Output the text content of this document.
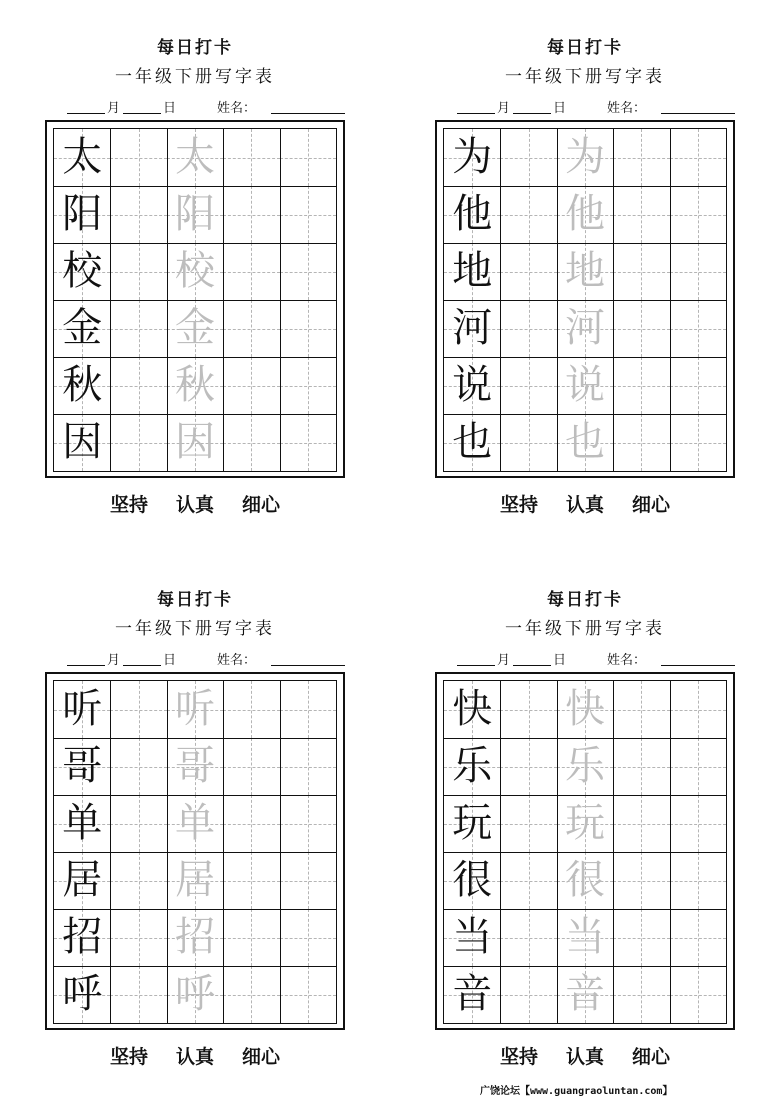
每日打卡
一年级下册写字表
月	日	姓名：
太 太
阳 阳
校 校
金 金
秋 秋
因 因
坚持 认真 细心
每日打卡
一年级下册写字表
月	日	姓名：
为 为
他 他
地 地
河 河
说 说
也 也
坚持 认真 细心
每日打卡
一年级下册写字表
月	日	姓名：
听 听
哥 哥
单 单
居 居
招 招
呼 呼
坚持 认真 细心
每日打卡
一年级下册写字表
月	日	姓名：
快 快
乐 乐
玩 玩
很 很
当 当
音 音
坚持 认真 细心
广饶论坛【www.guangraoluntan.com】
